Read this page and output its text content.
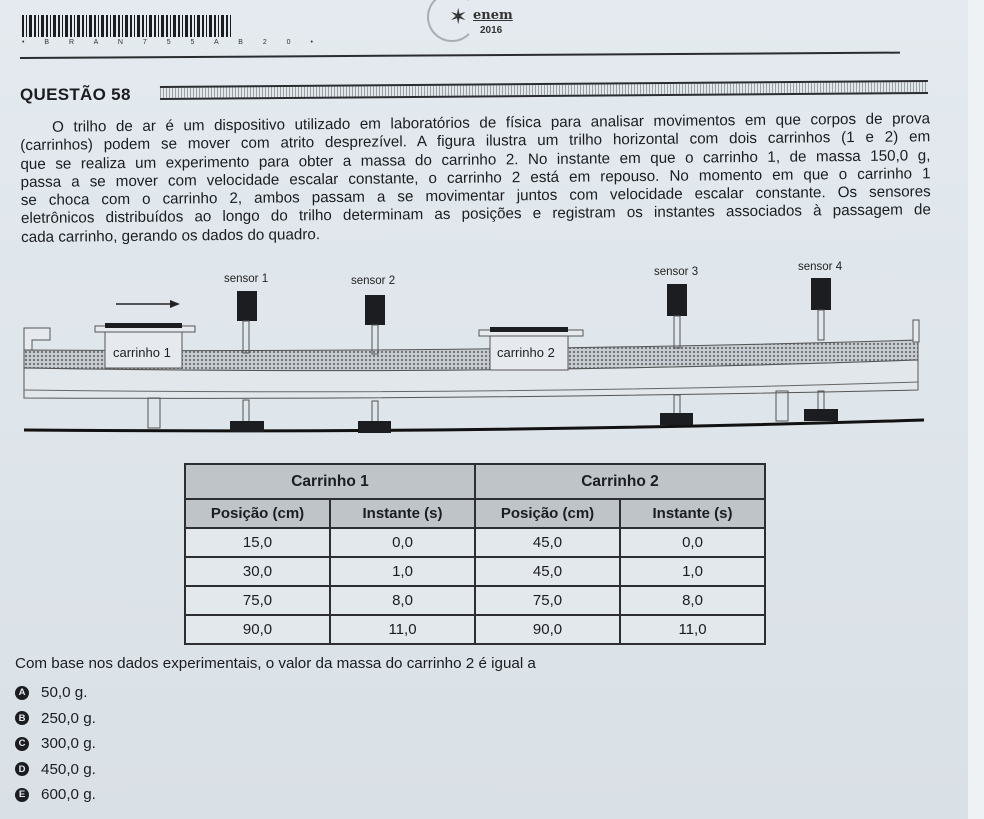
• B R A N 7 5 5 A B 2 0 •
✶ enem
2016
QUESTÃO 58

O trilho de ar é um dispositivo utilizado em laboratórios de física para analisar movimentos em que corpos de prova

(carrinhos) podem se mover com atrito desprezível. A figura ilustra um trilho horizontal com dois carrinhos (1 e 2) em

que se realiza um experimento para obter a massa do carrinho 2. No instante em que o carrinho 1, de massa 150,0 g,

passa a se mover com velocidade escalar constante, o carrinho 2 está em repouso. No momento em que o carrinho 1

se choca com o carrinho 2, ambos passam a se movimentar juntos com velocidade escalar constante. Os sensores

eletrônicos distribuídos ao longo do trilho determinam as posições e registram os instantes associados à passagem de

cada carrinho, gerando os dados do quadro.

sensor 1	sensor 2
sensor 3	sensor 4
carrinho 1	carrinho 2
Carrinho 1		Carrinho 2	
Posição (cm)	Instante (s)	Posição (cm)	Instante (s)
15,0	0,0	45,0	0,0
30,0	1,0	45,0	1,0
75,0	8,0	75,0	8,0
90,0	11,0	90,0	11,0
Com base nos dados experimentais, o valor da massa do carrinho 2 é igual a
A 50,0 g.
B 250,0 g.
C 300,0 g.
D 450,0 g.
E 600,0 g.
